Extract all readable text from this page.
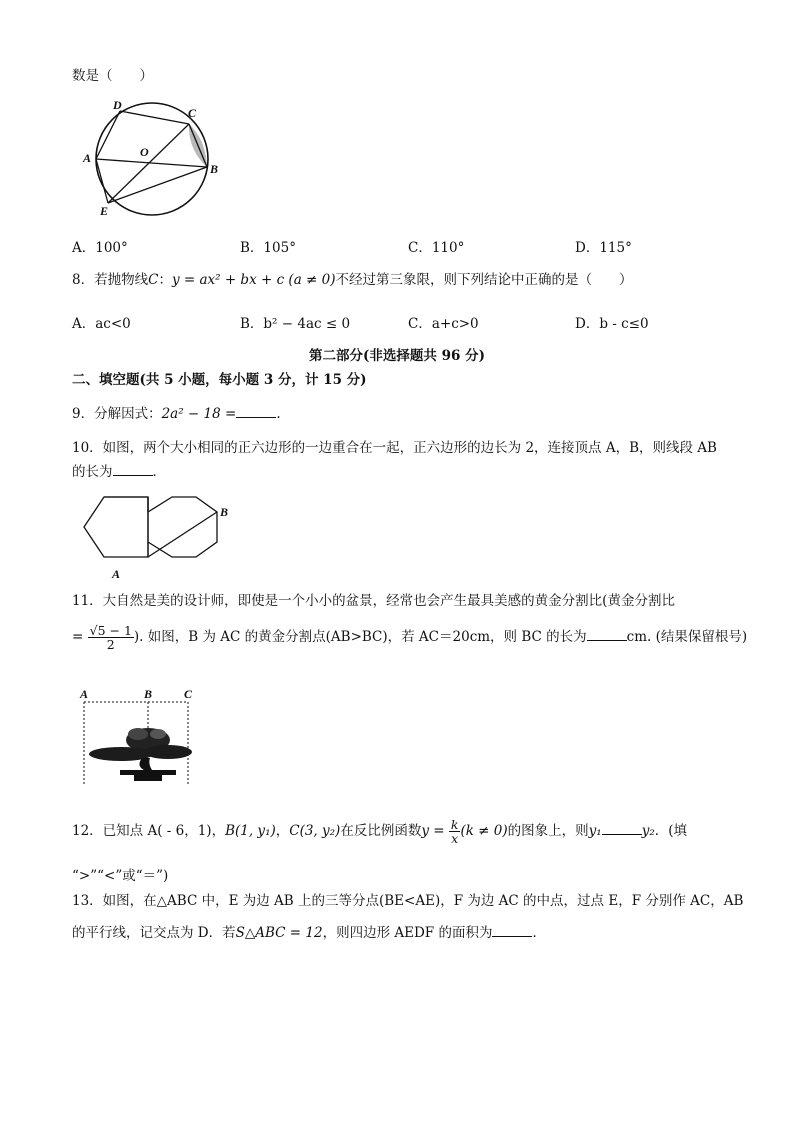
数是（　　）
D
C
O
A
B
E
A．100°	B．105°	C．110°	D．115°
8．若抛物线C：y = ax² + bx + c (a ≠ 0)不经过第三象限，则下列结论中正确的是（　　）
A．ac<0	B．b² − 4ac ≤ 0	C．a+c>0	D．b - c≤0
第二部分(非选择题共 96 分)
二、填空题(共 5 小题，每小题 3 分，计 15 分)
9．分解因式：2a² − 18 =	.
10．如图，两个大小相同的正六边形的一边重合在一起，正六边形的边长为 2，连接顶点 A，B，则线段 AB
的长为	．
B
A
11．大自然是美的设计师，即使是一个小小的盆景，经常也会产生最具美感的黄金分割比(黄金分割比
= $\frac{√5 - 1}{2}$ ). 如图，B 为 AC 的黄金分割点(AB>BC)，若 AC＝20cm，则 BC 的长为	cm. (结果保留根号)
A	B	C
12．已知点 A( - 6，1)，B(1, y₁)，C(3, y₂)在反比例函数$y = \frac{k}{x} (k \ne 0)$的图象上，则y₁	y₂．(填
“>”“<”或“＝”)
13．如图，在△ABC 中，E 为边 AB 上的三等分点(BE<AE)，F 为边 AC 的中点，过点 E，F 分别作 AC，AB
的平行线，记交点为 D．若S△ABC = 12，则四边形 AEDF 的面积为	．
